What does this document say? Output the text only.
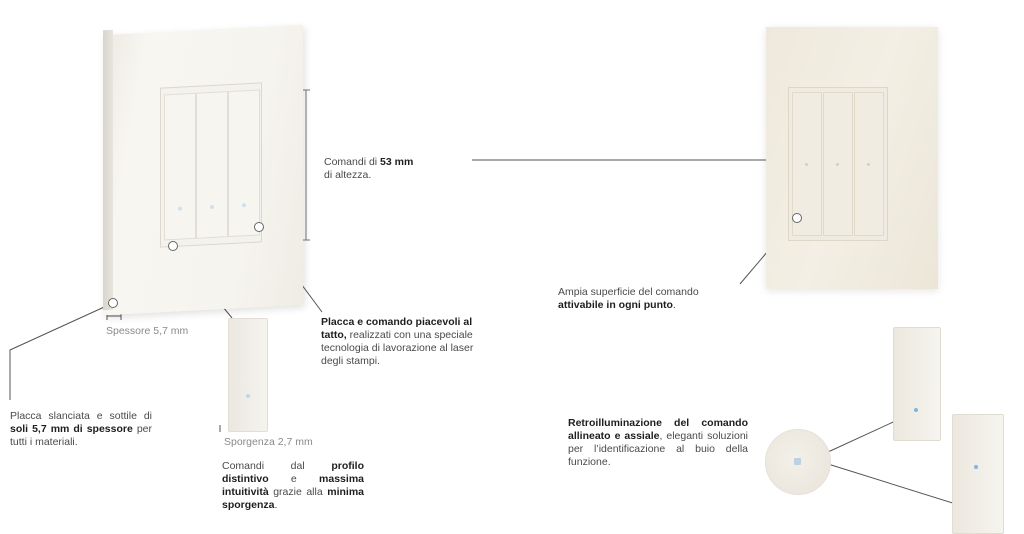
Comandi di 53 mm
di altezza.
Spessore 5,7 mm
Placca e comando piacevoli al tatto, realizzati con una speciale tecnologia di lavorazione al laser degli stampi.
Placca slanciata e sottile di soli 5,7 mm di spessore per tutti i materiali.	Sporgenza 2,7 mm
Comandi dal profilo distintivo e massima intuitività grazie alla minima sporgenza.
Ampia superficie del comando
attivabile in ogni punto.
Retroilluminazione del comando allineato e assiale, eleganti soluzioni per l’identificazione al buio della funzione.
